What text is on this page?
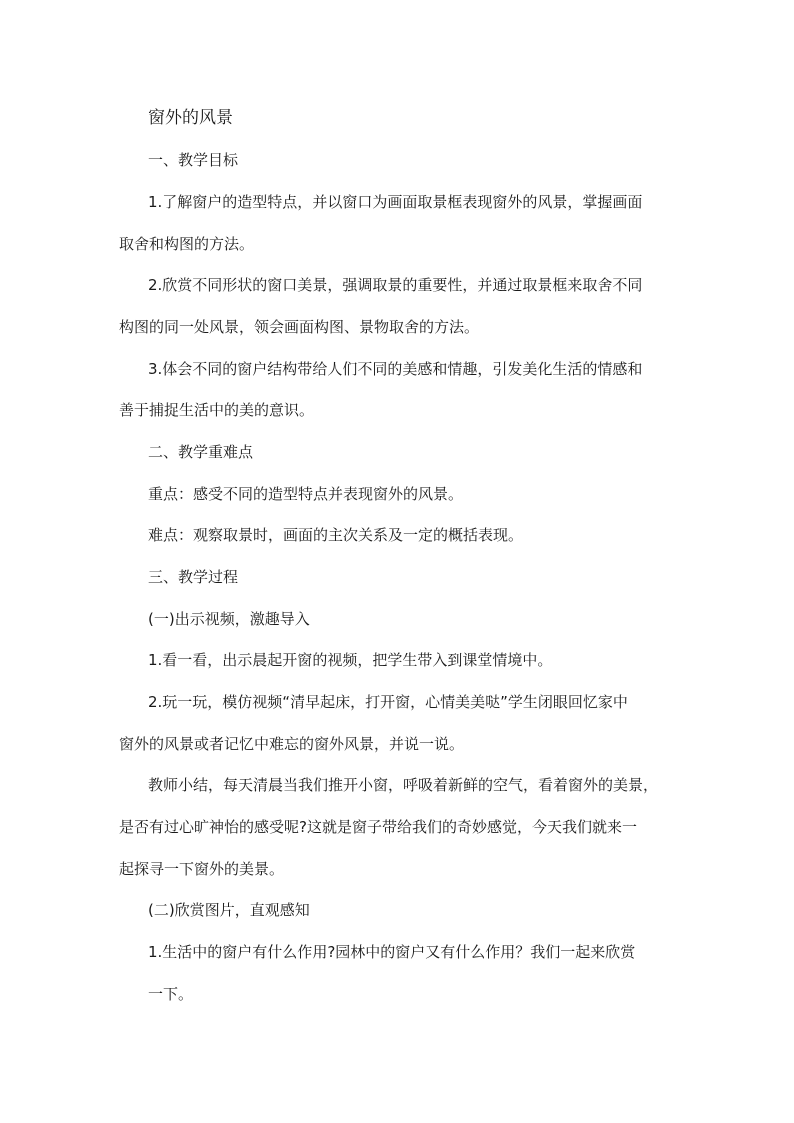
窗外的风景

一、教学目标

1.了解窗户的造型特点，并以窗口为画面取景框表现窗外的风景，掌握画面

取舍和构图的方法。

2.欣赏不同形状的窗口美景，强调取景的重要性，并通过取景框来取舍不同

构图的同一处风景，领会画面构图、景物取舍的方法。

3.体会不同的窗户结构带给人们不同的美感和情趣，引发美化生活的情感和

善于捕捉生活中的美的意识。

二、教学重难点

重点：感受不同的造型特点并表现窗外的风景。

难点：观察取景时，画面的主次关系及一定的概括表现。

三、教学过程

(一)出示视频，激趣导入

1.看一看，出示晨起开窗的视频，把学生带入到课堂情境中。

2.玩一玩，模仿视频“清早起床，打开窗，心情美美哒”学生闭眼回忆家中

窗外的风景或者记忆中难忘的窗外风景，并说一说。

教师小结，每天清晨当我们推开小窗，呼吸着新鲜的空气，看着窗外的美景，

是否有过心旷神怡的感受呢?这就是窗子带给我们的奇妙感觉，今天我们就来一

起探寻一下窗外的美景。

(二)欣赏图片，直观感知

1.生活中的窗户有什么作用?园林中的窗户又有什么作用？我们一起来欣赏

一下。
